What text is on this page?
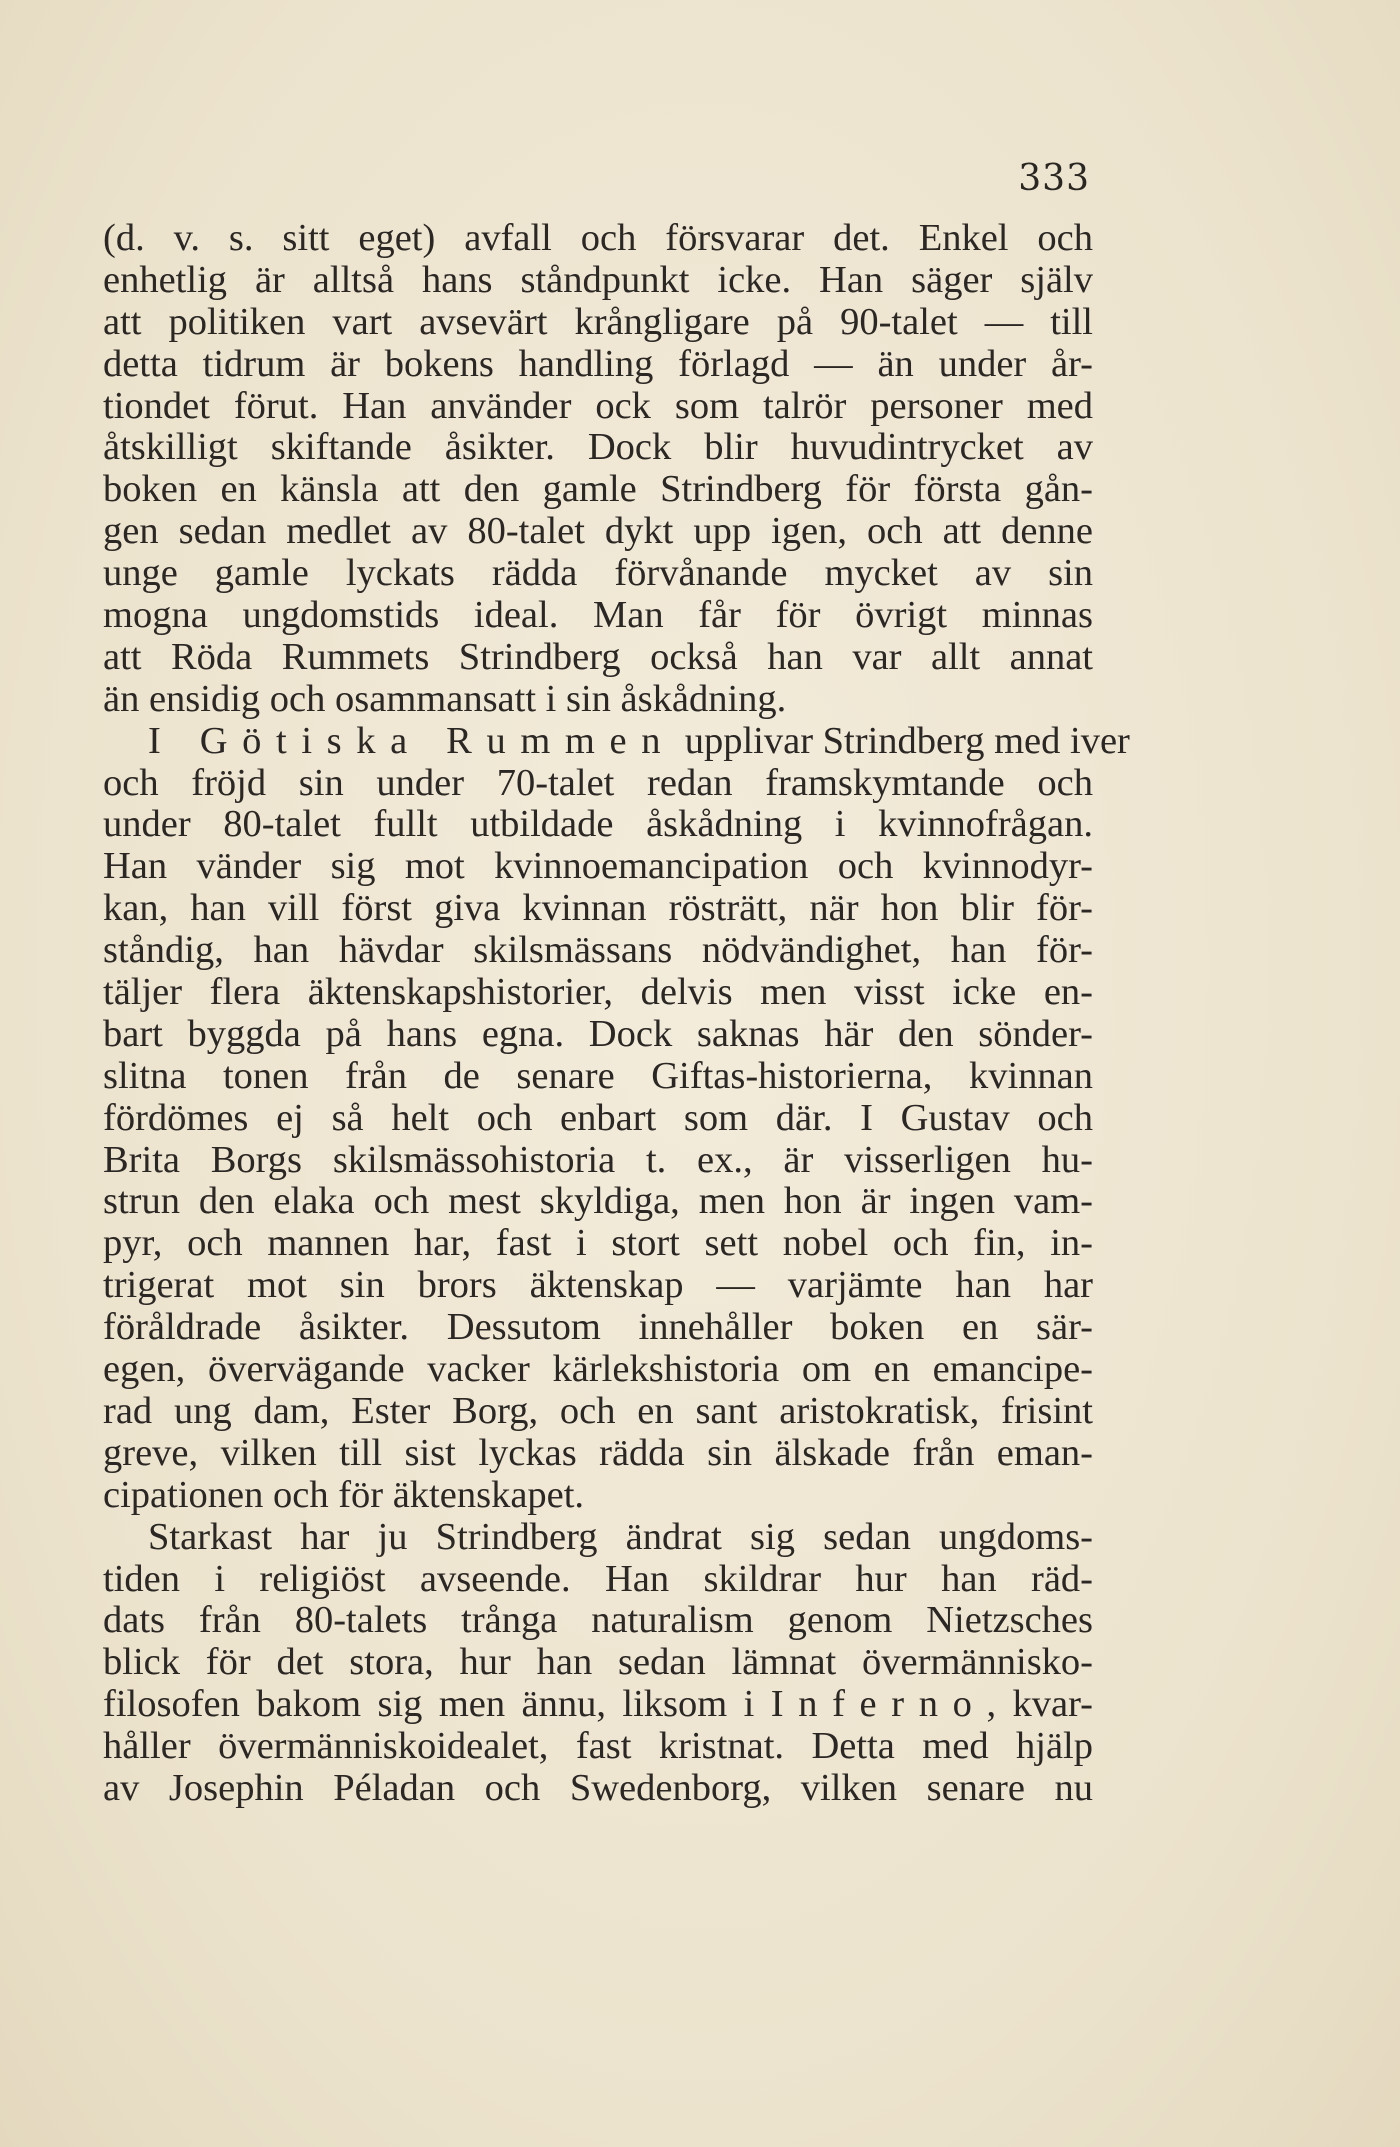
333
(d. v. s. sitt eget) avfall och försvarar det. Enkel och
enhetlig är alltså hans ståndpunkt icke. Han säger själv
att politiken vart avsevärt krångligare på 90-talet — till
detta tidrum är bokens handling förlagd — än under år-
tiondet förut. Han använder ock som talrör personer med
åtskilligt skiftande åsikter. Dock blir huvudintrycket av
boken en känsla att den gamle Strindberg för första gån-
gen sedan medlet av 80-talet dykt upp igen, och att denne
unge gamle lyckats rädda förvånande mycket av sin
mogna ungdomstids ideal. Man får för övrigt minnas
att Röda Rummets Strindberg också han var allt annat
än ensidig och osammansatt i sin åskådning.
I Götiska Rummen upplivar Strindberg med iver
och fröjd sin under 70-talet redan framskymtande och
under 80-talet fullt utbildade åskådning i kvinnofrågan.
Han vänder sig mot kvinnoemancipation och kvinnodyr-
kan, han vill först giva kvinnan rösträtt, när hon blir för-
ståndig, han hävdar skilsmässans nödvändighet, han för-
täljer flera äktenskapshistorier, delvis men visst icke en-
bart byggda på hans egna. Dock saknas här den sönder-
slitna tonen från de senare Giftas-historierna, kvinnan
fördömes ej så helt och enbart som där. I Gustav och
Brita Borgs skilsmässohistoria t. ex., är visserligen hu-
strun den elaka och mest skyldiga, men hon är ingen vam-
pyr, och mannen har, fast i stort sett nobel och fin, in-
trigerat mot sin brors äktenskap — varjämte han har
föråldrade åsikter. Dessutom innehåller boken en sär-
egen, övervägande vacker kärlekshistoria om en emancipe-
rad ung dam, Ester Borg, och en sant aristokratisk, frisint
greve, vilken till sist lyckas rädda sin älskade från eman-
cipationen och för äktenskapet.
Starkast har ju Strindberg ändrat sig sedan ungdoms-
tiden i religiöst avseende. Han skildrar hur han räd-
dats från 80-talets trånga naturalism genom Nietzsches
blick för det stora, hur han sedan lämnat övermännisko-
filosofen bakom sig men ännu, liksom i Inferno, kvar-
håller övermänniskoidealet, fast kristnat. Detta med hjälp
av Josephin Péladan och Swedenborg, vilken senare nu
